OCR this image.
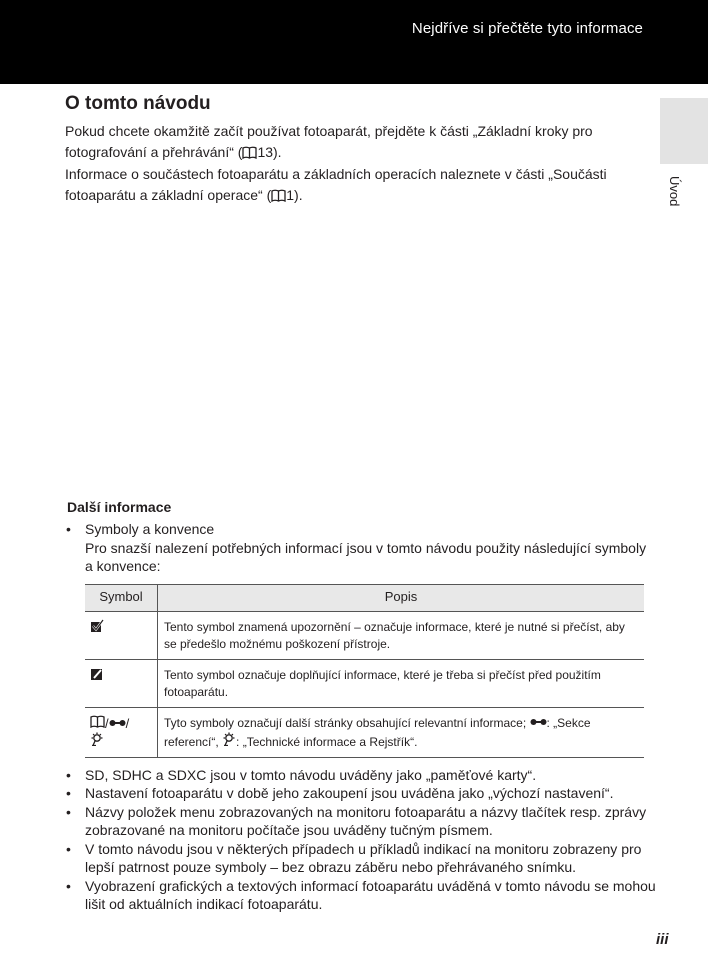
Nejdříve si přečtěte tyto informace
Úvod
O tomto návodu
Pokud chcete okamžitě začít používat fotoaparát, přejděte k části „Základní kroky pro fotografování a přehrávání“ ( 13).
Informace o součástech fotoaparátu a základních operacích naleznete v části „Součásti fotoaparátu a základní operace“ ( 1).
Další informace
• Symboly a konvence
Pro snazší nalezení potřebných informací jsou v tomto návodu použity následující symboly a konvence:
Symbol	Popis
	Tento symbol znamená upozornění – označuje informace, které je nutné si přečíst, aby se předešlo možnému poškození přístroje.
	Tento symbol označuje doplňující informace, které je třeba si přečíst před použitím fotoaparátu.
/ /	Tyto symboly označují další stránky obsahující relevantní informace; : „Sekce referencí“, : „Technické informace a Rejstřík“.
• SD, SDHC a SDXC jsou v tomto návodu uváděny jako „paměťové karty“.
• Nastavení fotoaparátu v době jeho zakoupení jsou uváděna jako „výchozí nastavení“.
• Názvy položek menu zobrazovaných na monitoru fotoaparátu a názvy tlačítek resp. zprávy zobrazované na monitoru počítače jsou uváděny tučným písmem.
• V tomto návodu jsou v některých případech u příkladů indikací na monitoru zobrazeny pro lepší patrnost pouze symboly – bez obrazu záběru nebo přehrávaného snímku.
• Vyobrazení grafických a textových informací fotoaparátu uváděná v tomto návodu se mohou lišit od aktuálních indikací fotoaparátu.
iii
